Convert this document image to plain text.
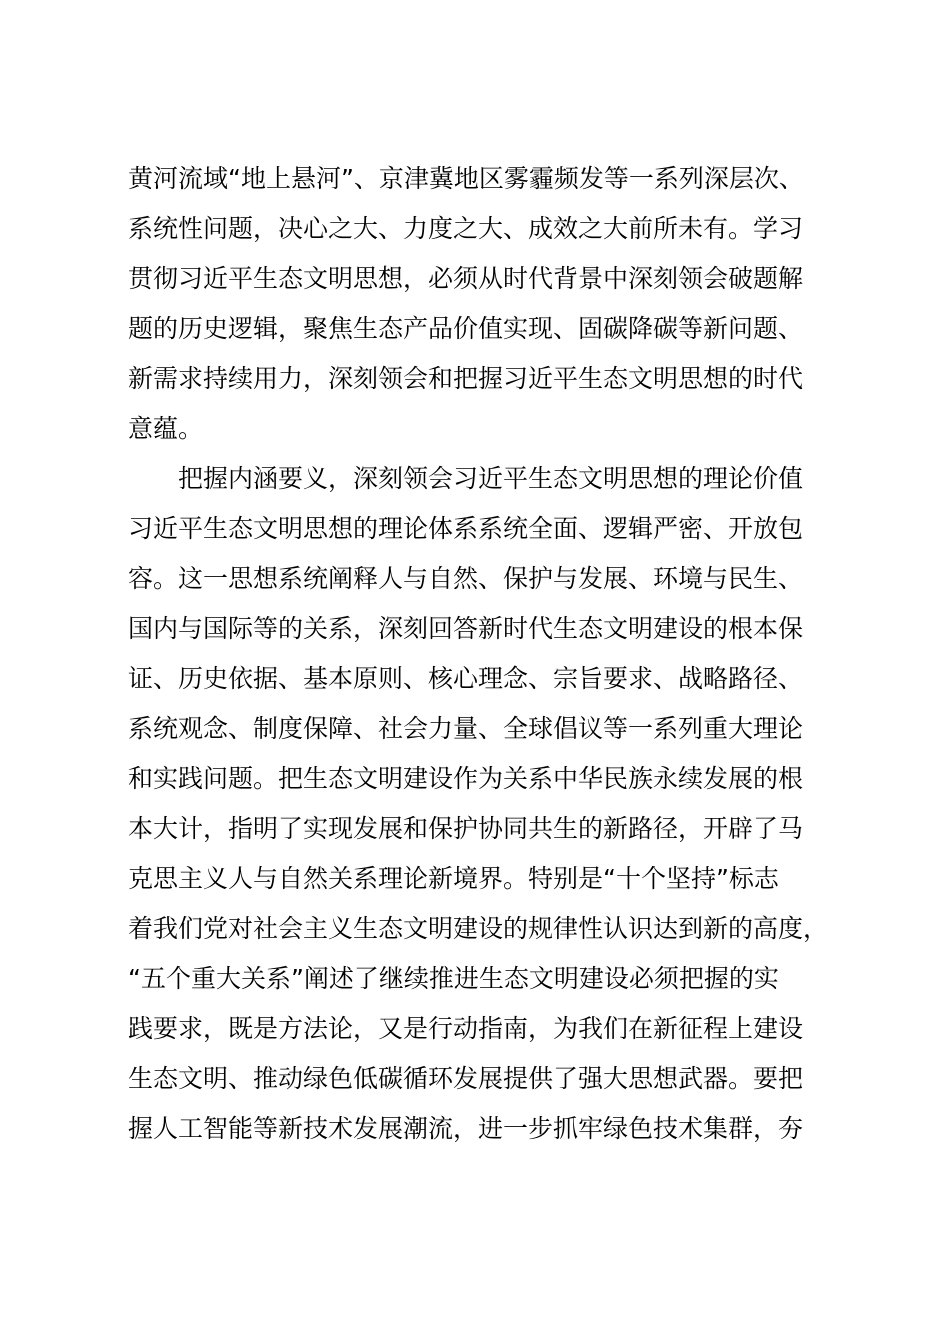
黄河流域“地上悬河”、京津冀地区雾霾频发等一系列深层次、
系统性问题，决心之大、力度之大、成效之大前所未有。学习
贯彻习近平生态文明思想，必须从时代背景中深刻领会破题解
题的历史逻辑，聚焦生态产品价值实现、固碳降碳等新问题、
新需求持续用力，深刻领会和把握习近平生态文明思想的时代
意蕴。
把握内涵要义，深刻领会习近平生态文明思想的理论价值
习近平生态文明思想的理论体系系统全面、逻辑严密、开放包
容。这一思想系统阐释人与自然、保护与发展、环境与民生、
国内与国际等的关系，深刻回答新时代生态文明建设的根本保
证、历史依据、基本原则、核心理念、宗旨要求、战略路径、
系统观念、制度保障、社会力量、全球倡议等一系列重大理论
和实践问题。把生态文明建设作为关系中华民族永续发展的根
本大计，指明了实现发展和保护协同共生的新路径，开辟了马
克思主义人与自然关系理论新境界。特别是“十个坚持”标志
着我们党对社会主义生态文明建设的规律性认识达到新的高度，
“五个重大关系”阐述了继续推进生态文明建设必须把握的实
践要求，既是方法论，又是行动指南，为我们在新征程上建设
生态文明、推动绿色低碳循环发展提供了强大思想武器。要把
握人工智能等新技术发展潮流，进一步抓牢绿色技术集群，夯
